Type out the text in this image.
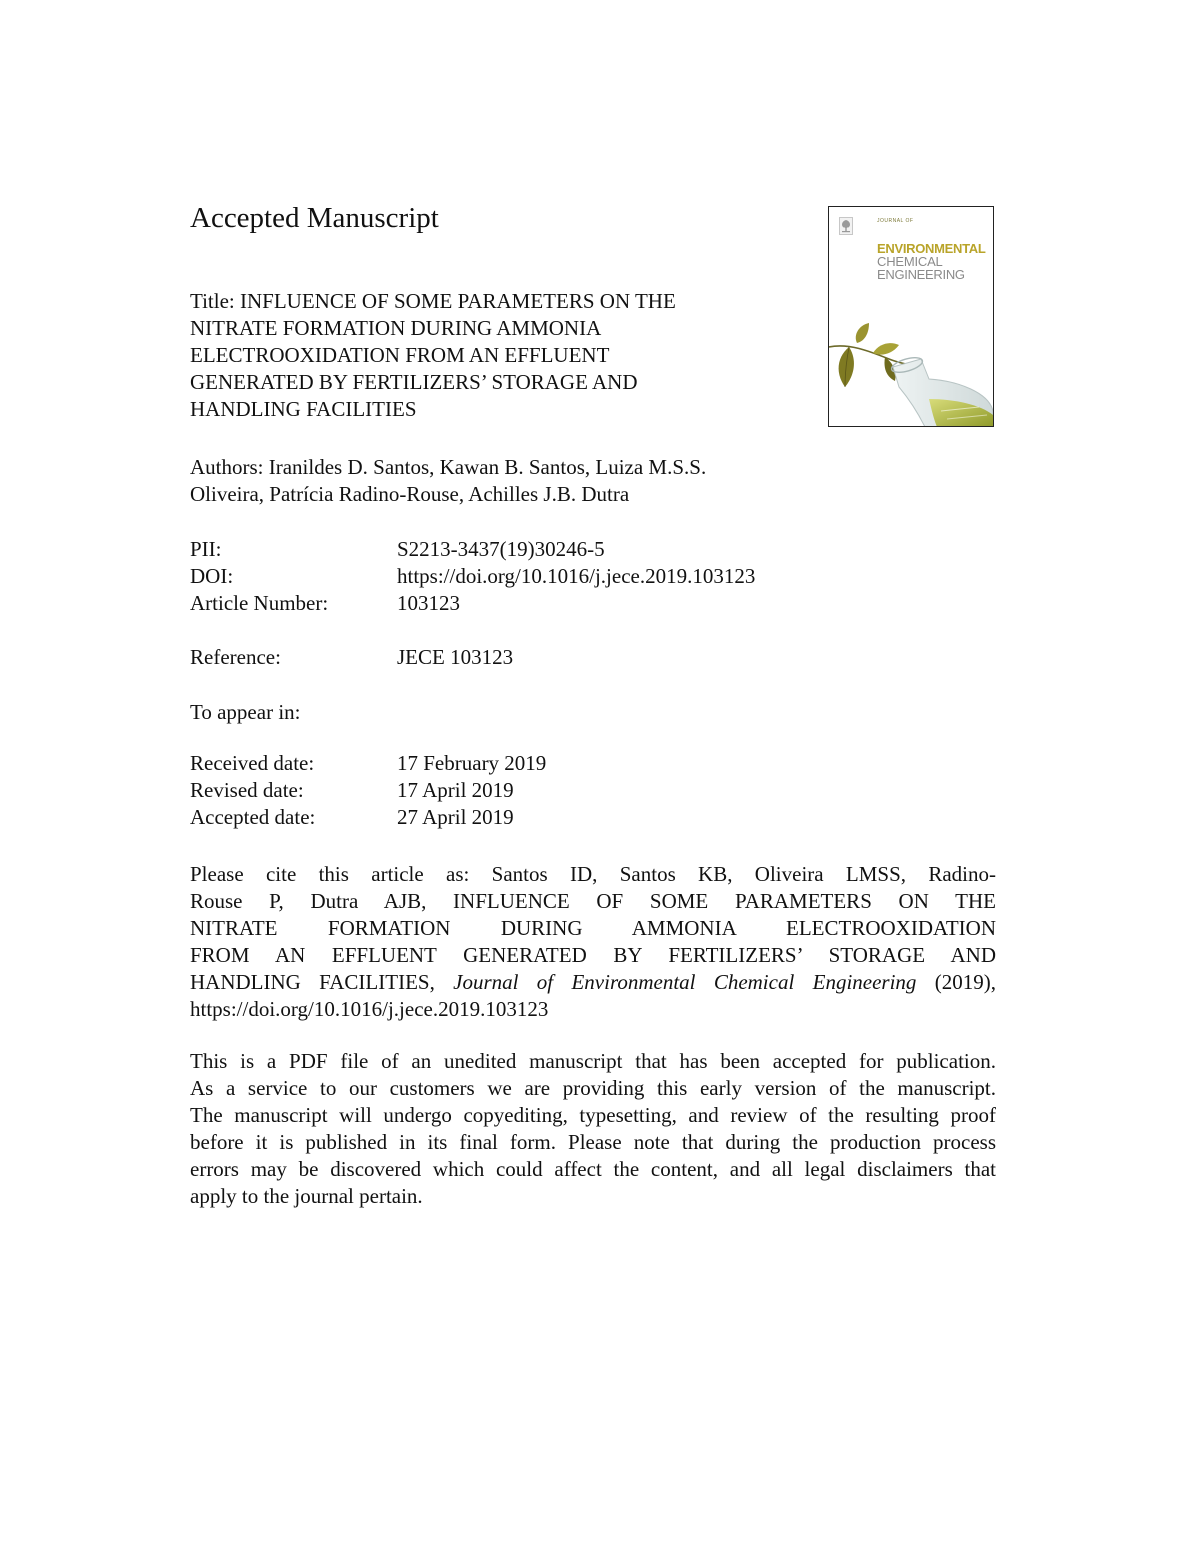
Accepted Manuscript
Title: INFLUENCE OF SOME PARAMETERS ON THE
NITRATE FORMATION DURING AMMONIA
ELECTROOXIDATION FROM AN EFFLUENT
GENERATED BY FERTILIZERS’ STORAGE AND
HANDLING FACILITIES
JOURNAL OF
ENVIRONMENTAL
CHEMICAL
ENGINEERING
Authors: Iranildes D. Santos, Kawan B. Santos, Luiza M.S.S.
Oliveira, Patrícia Radino-Rouse, Achilles J.B. Dutra
PII:	S2213-3437(19)30246-5
DOI:	https://doi.org/10.1016/j.jece.2019.103123
Article Number:	103123
Reference:	JECE 103123
To appear in:
Received date:	17 February 2019
Revised date:	17 April 2019
Accepted date:	27 April 2019
Please cite this article as: Santos ID, Santos KB, Oliveira LMSS, Radino-
Rouse P, Dutra AJB, INFLUENCE OF SOME PARAMETERS ON THE
NITRATE FORMATION DURING AMMONIA ELECTROOXIDATION
FROM AN EFFLUENT GENERATED BY FERTILIZERS’ STORAGE AND
HANDLING FACILITIES, Journal of Environmental Chemical Engineering (2019),
https://doi.org/10.1016/j.jece.2019.103123
This is a PDF file of an unedited manuscript that has been accepted for publication.
As a service to our customers we are providing this early version of the manuscript.
The manuscript will undergo copyediting, typesetting, and review of the resulting proof
before it is published in its final form. Please note that during the production process
errors may be discovered which could affect the content, and all legal disclaimers that
apply to the journal pertain.
